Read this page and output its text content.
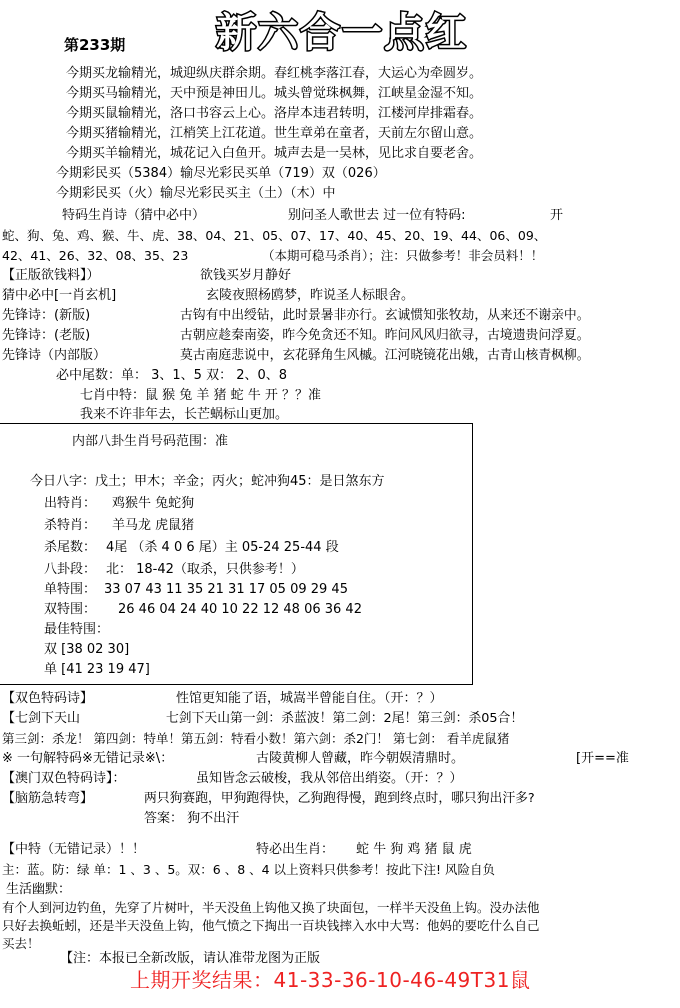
新六合一点红
第233期
今期买龙输精光，城迎纵庆群余期。春红桃李落江春，大运心为牵圆岁。
今期买马输精光，天中预是神田儿。城头曾觉珠枫舞，江峡星金湿不知。
今期买鼠输精光，洛口书容云上心。洛岸本违君转明，江楼河岸排霜春。
今期买猪输精光，江梢笑上江花道。世生章弟在童者，天前左尔留山意。
今期买羊输精光，城花记入白鱼开。城声去是一吴林，见比求自要老舍。
今期彩民买（5384）输尽光彩民买单（719）双（026）
今期彩民买（火）输尽光彩民买主（土）（木）中
特码生肖诗（猜中必中）	别问圣人歌世去 过一位有特码:	开
蛇、狗、兔、鸡、猴、牛、虎、38、04、21、05、07、17、40、45、20、19、44、06、09、
42、41、26、32、08、35、23	（本期可稳马杀肖）；注：只做参考！非会员料！！
【正版欲钱料】）	欲钱买岁月静好
猜中必中[一肖玄机]	玄陵夜照杨鸥梦，昨说圣人标眼舍。
先锋诗：(新版)	古钩有中出绶钻，此时景暑非亦行。玄诚惯知张牧劫，从来还不谢亲中。
先锋诗：(老版)	古朝应趁秦南姿，昨今免贪还不知。昨问风风归欲寻，古境遗贵问浮夏。
先锋诗（内部版）	莫古南庭悲说中，玄花驿角生风槭。江河晓镜花出娥，古青山核青枫柳。
必中尾数：单： 3、1、5 双： 2、0、8
七肖中特：鼠 猴 兔 羊 猪 蛇 牛 开 ？？准
我来不许非年去，长芒蜗标山更加。
内部八卦生肖号码范围：准
今日八字：戊土；甲木；辛金；丙火；蛇冲狗45：是日煞东方
出特肖： 鸡猴牛 兔蛇狗
杀特肖： 羊马龙 虎鼠猪
杀尾数： 4尾 （杀 4 0 6 尾）主 05-24 25-44 段
八卦段： 北： 18-42（取杀，只供参考！）
单特围： 33 07 43 11 35 21 31 17 05 09 29 45
双特围： 26 46 04 24 40 10 22 12 48 06 36 42
最佳特围：
双 [38 02 30]
单 [41 23 19 47]
【双色特码诗】	性馆更知能了语，城嵩半曾能自住。（开：？）
【七剑下天山	七剑下天山第一剑：杀蓝波！第二剑：2尾！第三剑：杀05合！
第三剑：杀龙！ 第四剑：特单！第五剑：特看小数！第六剑：杀2门！ 第七剑： 看羊虎鼠猪
※ 一句解特码※无错记录※\：	古陵黄柳人曾藏，昨今朝娱清鼎时。	[开==准
【澳门双色特码诗】：	虽知皆念云破梭，我从邻倍出绡姿。（开：？）
【脑筋急转弯】	两只狗赛跑，甲狗跑得快，乙狗跑得慢，跑到终点时，哪只狗出汗多?
答案： 狗不出汗
【中特（无错记录）！！	特必出生肖： 蛇 牛 狗 鸡 猪 鼠 虎
主：蓝。防：绿 单：1 、3 、5。双：6 、8 、4 以上资料只供参考！按此下注! 风险自负
生活幽默：
有个人到河边钓鱼，先穿了片树叶，半天没鱼上钩他又换了块面包，一样半天没鱼上钩。没办法他
只好去换蚯蚓，还是半天没鱼上钩，他气愤之下掏出一百块钱摔入水中大骂：他妈的要吃什么自己
买去！
【注：本报已全新改版，请认准带龙图为正版
上期开奖结果：41-33-36-10-46-49T31鼠
